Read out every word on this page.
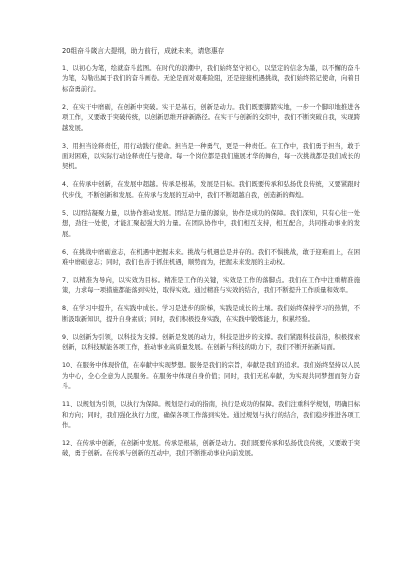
20组奋斗箴言大提纲，助力前行，成就未来，请您惠存

1、以初心为笔，绘就奋斗蓝图。在时代的浪潮中，我们始终坚守初心，以坚定的信念为墨，以不懈的奋斗为笔，勾勒出属于我们的奋斗画卷。无论是面对艰难险阻，还是迎接机遇挑战，我们始终铭记使命，向着目标奋勇前行。

2、在实干中磨砺，在创新中突破。实干是基石，创新是动力。我们既要脚踏实地，一步一个脚印地推进各项工作，又要敢于突破传统，以创新思维开辟新路径。在实干与创新的交织中，我们不断突破自我，实现跨越发展。

3、用担当诠释责任，用行动践行使命。担当是一种勇气，更是一种责任。在工作中，我们勇于担当，敢于面对困难，以实际行动诠释责任与使命。每一个岗位都是我们施展才华的舞台，每一次挑战都是我们成长的契机。

4、在传承中创新，在发展中超越。传承是根基，发展是目标。我们既要传承和弘扬优良传统，又要紧跟时代步伐，不断创新和发展。在传承与发展的互动中，我们不断超越自我，创造新的辉煌。

5、以团结凝聚力量，以协作推动发展。团结是力量的源泉，协作是成功的保障。我们深知，只有心往一处想，劲往一处使，才能汇聚起强大的力量。在团队协作中，我们相互支持，相互配合，共同推动事业的发展。

6、在挑战中磨砺意志，在机遇中把握未来。挑战与机遇总是并存的。我们不惧挑战，敢于迎难而上，在困难中磨砺意志；同时，我们也善于抓住机遇，顺势而为，把握未来发展的主动权。

7、以精准为导向，以实效为目标。精准是工作的关键，实效是工作的落脚点。我们在工作中注重精准施策，力求每一项措施都能落到实处，取得实效。通过精准与实效的结合，我们不断提升工作质量和效率。

8、在学习中提升，在实践中成长。学习是进步的阶梯，实践是成长的土壤。我们始终保持学习的热情，不断汲取新知识，提升自身素质；同时，我们积极投身实践，在实践中锻炼能力，积累经验。

9、以创新为引领，以科技为支撑。创新是发展的动力，科技是进步的支撑。我们紧跟科技前沿，积极探索创新，以科技赋能各项工作，推动事业高质量发展。在创新与科技的助力下，我们不断开拓新局面。

10、在服务中体现价值，在奉献中实现梦想。服务是我们的宗旨，奉献是我们的追求。我们始终坚持以人民为中心，全心全意为人民服务。在服务中体现自身价值；同时，我们无私奉献，为实现共同梦想而努力奋斗。

11、以规划为引领，以执行为保障。规划是行动的指南，执行是成功的保障。我们注重科学规划，明确目标和方向；同时，我们强化执行力度，确保各项工作落到实处。通过规划与执行的结合，我们稳步推进各项工作。

12、在传承中创新，在创新中发展。传承是根基，创新是动力。我们既要传承和弘扬优良传统，又要敢于突破，勇于创新。在传承与创新的互动中，我们不断推动事业向前发展。
